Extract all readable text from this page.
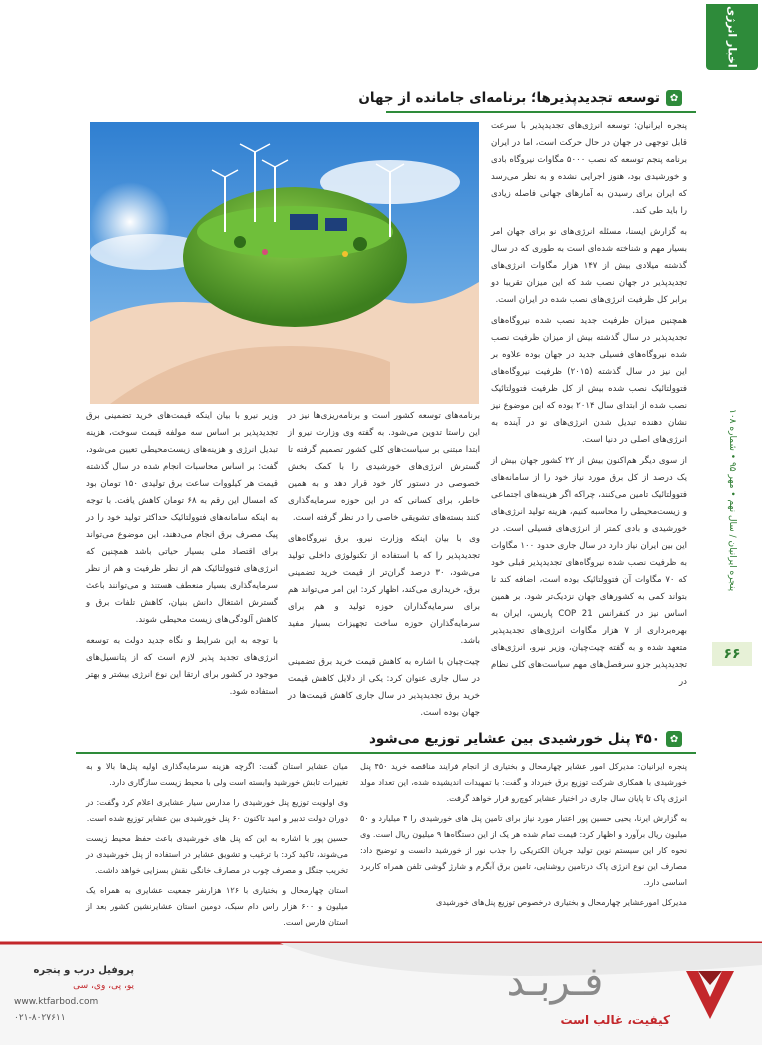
اخبار انرژی
پنجره ایرانیان / سال نهم • مهر ۹۵ • شماره ۱۰۸
۶۶
✿
توسعه تجدیدپذیرها؛ برنامه‌ای جامانده از جهان

پنجره ایرانیان: توسعه انرژی‌های تجدیدپذیر با سرعت قابل توجهی در جهان در حال حرکت است، اما در ایران برنامه پنجم توسعه که نصب ۵۰۰۰ مگاوات نیروگاه بادی و خورشیدی بود، هنوز اجرایی نشده و به نظر می‌رسد که ایران برای رسیدن به آمارهای جهانی فاصله زیادی را باید طی کند.

به گزارش ایسنا، مسئله انرژی‌های نو برای جهان امر بسیار مهم و شناخته شده‌ای است به طوری که در سال گذشته میلادی بیش از ۱۴۷ هزار مگاوات انرژی‌های تجدیدپذیر در جهان نصب شد که این میزان تقریبا دو برابر کل ظرفیت انرژی‌های نصب شده در ایران است.

همچنین میزان ظرفیت جدید نصب شده نیروگاه‌های تجدیدپذیر در سال گذشته بیش از میزان ظرفیت نصب شده نیروگاه‌های فسیلی جدید در جهان بوده علاوه بر این نیز در سال گذشته (۲۰۱۵) ظرفیت نیروگاه‌های فتوولتائیک نصب شده بیش از کل ظرفیت فتوولتائیک نصب شده از ابتدای سال ۲۰۱۴ بوده که این موضوع نیز نشان دهنده تبدیل شدن انرژی‌های نو در آینده به انرژی‌های اصلی در دنیا است.

از سوی دیگر هم‌اکنون بیش از ۲۲ کشور جهان بیش از یک درصد از کل برق مورد نیاز خود را از سامانه‌های فتوولتائیک تامین می‌کنند، چراکه اگر هزینه‌های اجتماعی و زیست‌محیطی را محاسبه کنیم، هزینه تولید انرژی‌های خورشیدی و بادی کمتر از انرژی‌های فسیلی است. در این بین ایران نیاز دارد در سال جاری حدود ۱۰۰ مگاوات به ظرفیت نصب شده نیروگاه‌های تجدیدپذیر قبلی خود که ۷۰ مگاوات آن فتوولتائیک بوده است، اضافه کند تا بتواند کمی به کشورهای جهان نزدیک‌تر شود. بر همین اساس نیز در کنفرانس COP 21 پاریس، ایران به بهره‌برداری از ۷ هزار مگاوات انرژی‌های تجدیدپذیر متعهد شده و به گفته چیت‌چیان، وزیر نیرو، انرژی‌های تجدیدپذیر جزو سرفصل‌های مهم سیاست‌های کلی نظام در

برنامه‌های توسعه کشور است و برنامه‌ریزی‌ها نیز در این راستا تدوین می‌شود. به گفته وی وزارت نیرو از ابتدا مبتنی بر سیاست‌های کلی کشور تصمیم گرفته تا گسترش انرژی‌های خورشیدی را با کمک بخش خصوصی در دستور کار خود قرار دهد و به همین خاطر، برای کسانی که در این حوزه سرمایه‌گذاری کنند بسته‌های تشویقی خاصی را در نظر گرفته است.

وی با بیان اینکه وزارت نیرو، برق نیروگاه‌های تجدیدپذیر را که با استفاده از تکنولوژی داخلی تولید می‌شود، ۳۰ درصد گران‌تر از قیمت خرید تضمینی برق، خریداری می‌کند، اظهار کرد: این امر می‌تواند هم برای سرمایه‌گذاران حوزه تولید و هم برای سرمایه‌گذاران حوزه ساخت تجهیزات بسیار مفید باشد.

چیت‌چیان با اشاره به کاهش قیمت خرید برق تضمینی در سال جاری عنوان کرد: یکی از دلایل کاهش قیمت خرید برق تجدیدپذیر در سال جاری کاهش قیمت‌ها در جهان بوده است.

وزیر نیرو با بیان اینکه قیمت‌های خرید تضمینی برق تجدیدپذیر بر اساس سه مولفه قیمت سوخت، هزینه تبدیل انرژی و هزینه‌های زیست‌محیطی تعیین می‌شود، گفت: بر اساس محاسبات انجام شده در سال گذشته قیمت هر کیلووات ساعت برق تولیدی ۱۵۰ تومان بود که امسال این رقم به ۶۸ تومان کاهش یافت. با توجه به اینکه سامانه‌های فتوولتائیک حداکثر تولید خود را در پیک مصرف برق انجام می‌دهند، این موضوع می‌تواند برای اقتصاد ملی بسیار حیاتی باشد همچنین که انرژی‌های فتوولتائیک هم از نظر ظرفیت و هم از نظر سرمایه‌گذاری بسیار منعطف هستند و می‌توانند باعث گسترش اشتغال دانش بنیان، کاهش تلفات برق و کاهش آلودگی‌های زیست محیطی شوند.

با توجه به این شرایط و نگاه جدید دولت به توسعه انرژی‌های تجدید پذیر لازم است که از پتانسیل‌های موجود در کشور برای ارتقا این نوع انرژی بیشتر و بهتر استفاده شود.

✿
۴۵۰ پنل خورشیدی بین عشایر توزیع می‌شود

پنجره ایرانیان: مدیرکل امور عشایر چهارمحال و بختیاری از انجام فرایند مناقصه خرید ۴۵۰ پنل خورشیدی با همکاری شرکت توزیع برق خبرداد و گفت: با تمهیدات اندیشیده شده، این تعداد مولد انرژی پاک تا پایان سال جاری در اختیار عشایر کوچ‌رو قرار خواهد گرفت.

به گزارش ایرنا، یحیی حسین پور اعتبار مورد نیاز برای تامین پنل های خورشیدی را ۴ میلیارد و ۵۰ میلیون ریال برآورد و اظهار کرد: قیمت تمام شده هر یک از این دستگاه‌ها ۹ میلیون ریال است. وی نحوه کار این سیستم نوین تولید جریان الکتریکی را جذب نور از خورشید دانست و توضیح داد: مصارف این نوع انرژی پاک درتامین روشنایی، تامین برق آبگرم و شارژ گوشی تلفن همراه کاربرد اساسی دارد.

مدیرکل امورعشایر چهارمحال و بختیاری درخصوص توزیع پنل‌های خورشیدی

میان عشایر استان گفت: اگرچه هزینه سرمایه‌گذاری اولیه پنل‌ها بالا و به تغییرات تابش خورشید وابسته است ولی با محیط زیست سازگاری دارد.

وی اولویت توزیع پنل خورشیدی را مدارس سیار عشایری اعلام کرد وگفت: در دوران دولت تدبیر و امید تاکنون ۶۰ پنل خورشیدی بین عشایر توزیع شده است.

حسین پور با اشاره به این که پنل های خورشیدی باعث حفظ محیط زیست می‌شوند، تاکید کرد: با ترغیب و تشویق عشایر در استفاده از پنل خورشیدی در تخریب جنگل و مصرف چوب در مصارف خانگی نقش بسزایی خواهد داشت.

استان چهارمحال و بختیاری با ۱۲۶ هزارنفر جمعیت عشایری به همراه یک میلیون و ۶۰۰ هزار راس دام سبک، دومین استان عشایرنشین کشور بعد از استان فارس است.

فـربـد
کیفیت، غالب است
پروفیل درب و پنجره
یو، پی، وی، سی
www.ktfarbod.com
۰۲۱-۸۰۲۷۶۱۱
